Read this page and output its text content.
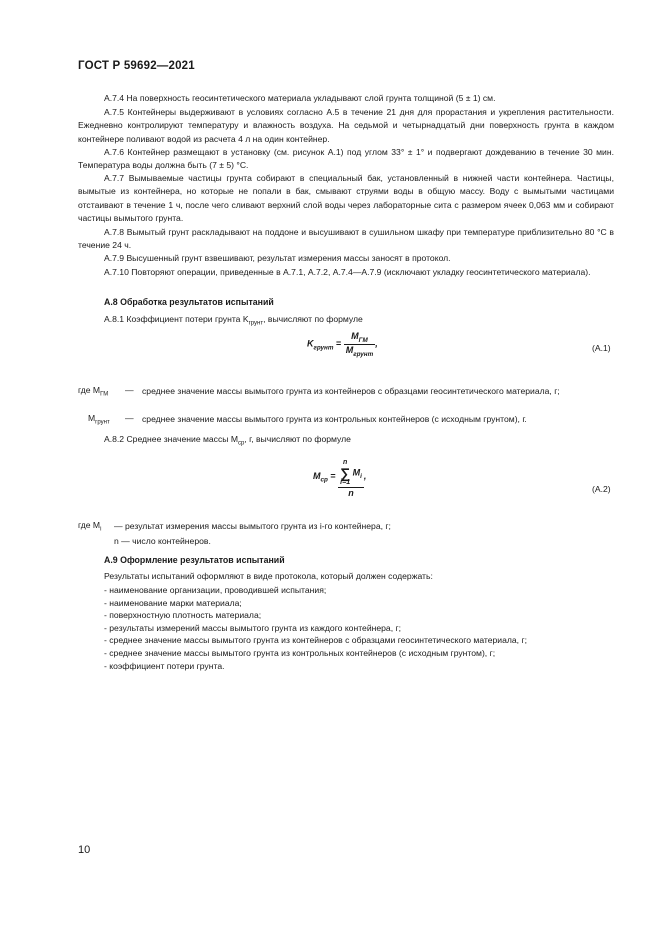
ГОСТ Р 59692—2021
А.7.4 На поверхность геосинтетического материала укладывают слой грунта толщиной (5 ± 1) см.
А.7.5 Контейнеры выдерживают в условиях согласно А.5 в течение 21 дня для прорастания и укрепления растительности. Ежедневно контролируют температуру и влажность воздуха. На седьмой и четырнадцатый дни поверхность грунта в каждом контейнере поливают водой из расчета 4 л на один контейнер.
А.7.6 Контейнер размещают в установку (см. рисунок А.1) под углом 33° ± 1° и подвергают дождеванию в течение 30 мин. Температура воды должна быть (7 ± 5) °С.
А.7.7 Вымываемые частицы грунта собирают в специальный бак, установленный в нижней части контейнера. Частицы, вымытые из контейнера, но которые не попали в бак, смывают струями воды в общую массу. Воду с вымытыми частицами отстаивают в течение 1 ч, после чего сливают верхний слой воды через лабораторные сита с размером ячеек 0,063 мм и собирают частицы вымытого грунта.
А.7.8 Вымытый грунт раскладывают на поддоне и высушивают в сушильном шкафу при температуре приблизительно 80 °С в течение 24 ч.
А.7.9 Высушенный грунт взвешивают, результат измерения массы заносят в протокол.
А.7.10 Повторяют операции, приведенные в А.7.1, А.7.2, А.7.4—А.7.9 (исключают укладку геосинтетического материала).
А.8 Обработка результатов испытаний
А.8.1 Коэффициент потери грунта $K_{грунт}$, вычисляют по формуле
$K_{грунт} = \frac{M_{ГМ}}{M_{грунт}}$ ,	(А.1)
где $M_{ГМ}$ — среднее значение массы вымытого грунта из контейнеров с образцами геосинтетического материала, г;
$M_{грунт}$ — среднее значение массы вымытого грунта из контрольных контейнеров (с исходным грунтом), г.
А.8.2 Среднее значение массы $M_{ср}$, г, вычисляют по формуле
$M_{ср} = n$
∑
i=1
$M_i$
n ,
(А.2)
где $M_i$ — результат измерения массы вымытого грунта из i-го контейнера, г;
n — число контейнеров.
А.9 Оформление результатов испытаний
Результаты испытаний оформляют в виде протокола, который должен содержать:
- наименование организации, проводившей испытания;
- наименование марки материала;
- поверхностную плотность материала;
- результаты измерений массы вымытого грунта из каждого контейнера, г;
- среднее значение массы вымытого грунта из контейнеров с образцами геосинтетического материала, г;
- среднее значение массы вымытого грунта из контрольных контейнеров (с исходным грунтом), г;
- коэффициент потери грунта.
10
